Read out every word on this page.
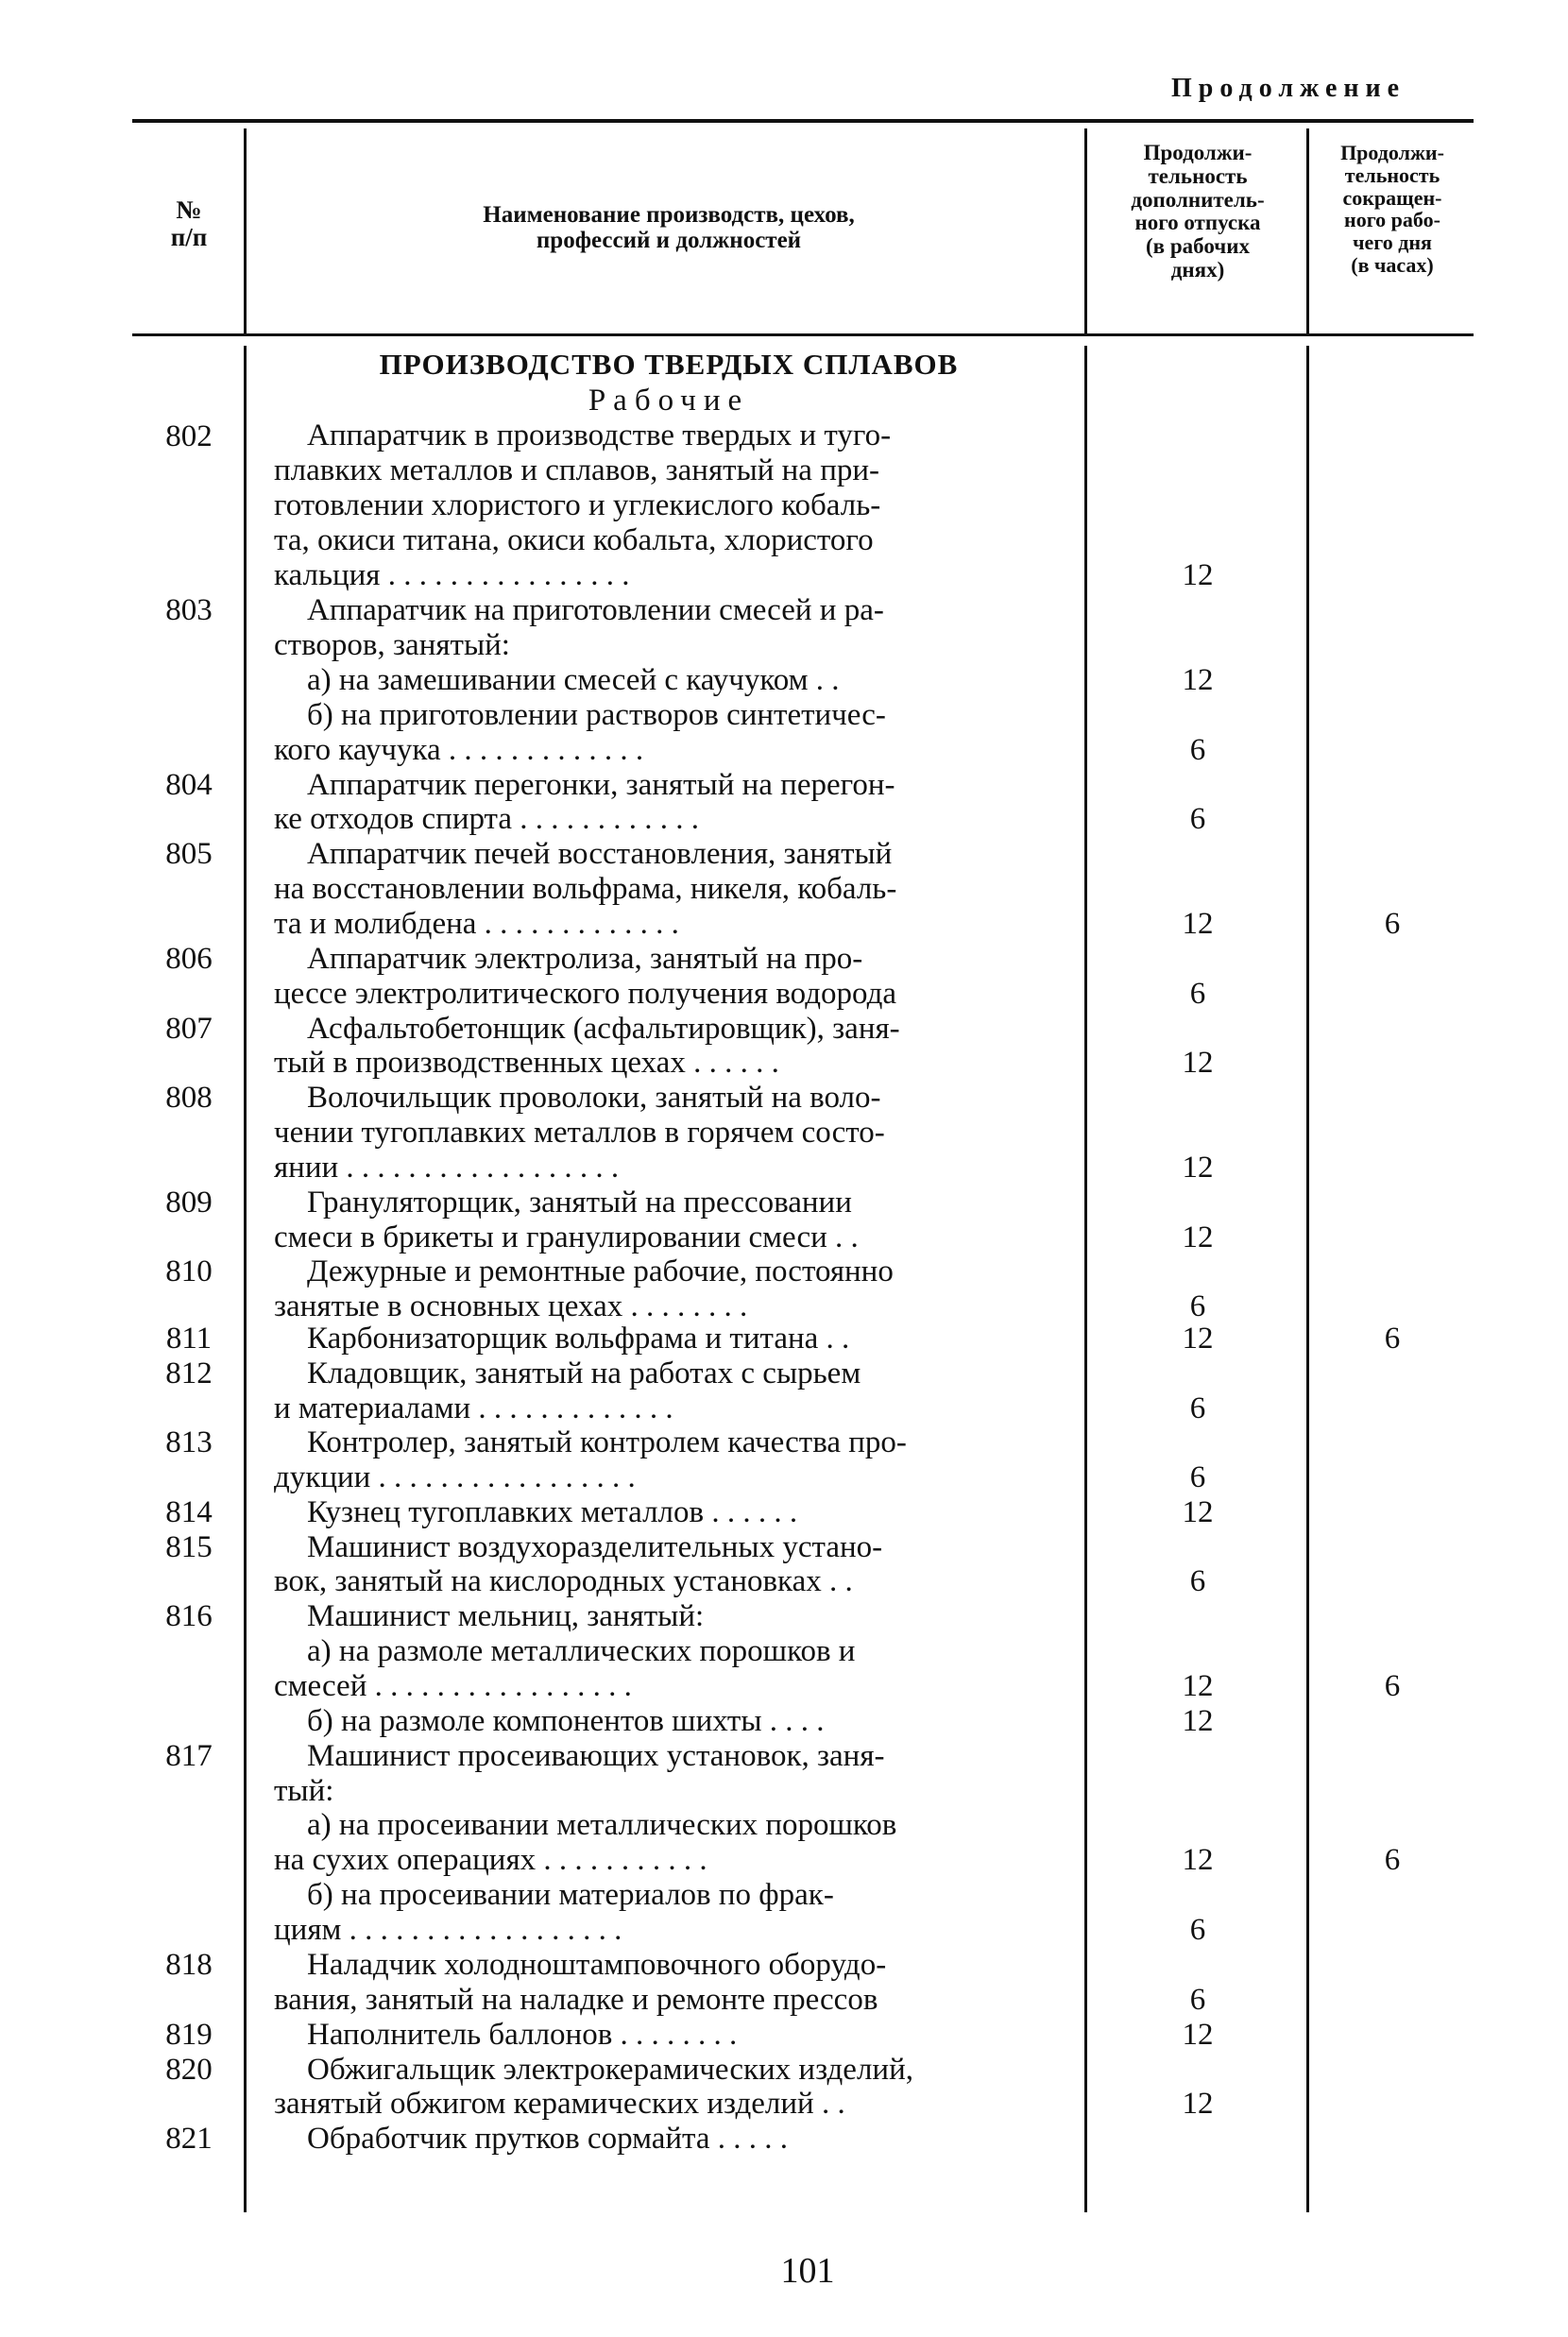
Продолжение
№
п/п
Наименование производств, цехов,
профессий и должностей
Продолжи-
тельность
дополнитель-
ного отпуска
(в рабочих
днях)
Продолжи-
тельность
сокращен-
ного рабо-
чего дня
(в часах)
ПРОИЗВОДСТВО ТВЕРДЫХ СПЛАВОВ
Рабочие
802
803
804
805
806
807
808
809
810
811
812
813
814
815
816
817
818
819
820
821
Аппаратчик в производстве твердых и туго-
плавких металлов и сплавов, занятый на при-
готовлении хлористого и углекислого кобаль-
та, окиси титана, окиси кобальта, хлористого
кальция . . . . . . . . . . . . . . . .
Аппаратчик на приготовлении смесей и ра-
створов, занятый:
а) на замешивании смесей с каучуком . .
б) на приготовлении растворов синтетичес-
кого каучука . . . . . . . . . . . . .
Аппаратчик перегонки, занятый на перегон-
ке отходов спирта . . . . . . . . . . . .
Аппаратчик печей восстановления, занятый
на восстановлении вольфрама, никеля, кобаль-
та и молибдена . . . . . . . . . . . . .
Аппаратчик электролиза, занятый на про-
цессе электролитического получения водорода
Асфальтобетонщик (асфальтировщик), заня-
тый в производственных цехах . . . . . .
Волочильщик проволоки, занятый на воло-
чении тугоплавких металлов в горячем состо-
янии . . . . . . . . . . . . . . . . . .
Грануляторщик, занятый на прессовании
смеси в брикеты и гранулировании смеси . .
Дежурные и ремонтные рабочие, постоянно
занятые в основных цехах . . . . . . . .
Карбонизаторщик вольфрама и титана . .
Кладовщик, занятый на работах с сырьем
и материалами . . . . . . . . . . . . .
Контролер, занятый контролем качества про-
дукции . . . . . . . . . . . . . . . . .
Кузнец тугоплавких металлов . . . . . .
Машинист воздухоразделительных устано-
вок, занятый на кислородных установках . .
Машинист мельниц, занятый:
а) на размоле металлических порошков и
смесей . . . . . . . . . . . . . . . . .
б) на размоле компонентов шихты . . . .
Машинист просеивающих установок, заня-
тый:
а) на просеивании металлических порошков
на сухих операциях . . . . . . . . . . .
б) на просеивании материалов по фрак-
циям . . . . . . . . . . . . . . . . . .
Наладчик холодноштамповочного оборудо-
вания, занятый на наладке и ремонте прессов
Наполнитель баллонов . . . . . . . .
Обжигальщик электрокерамических изделий,
занятый обжигом керамических изделий . .
Обработчик прутков сормайта . . . . .
12
12
6
6
12
6
12
12
12
6
12
6
6
12
6
12
12
12
6
6
12
12
6
6
6
6
101
